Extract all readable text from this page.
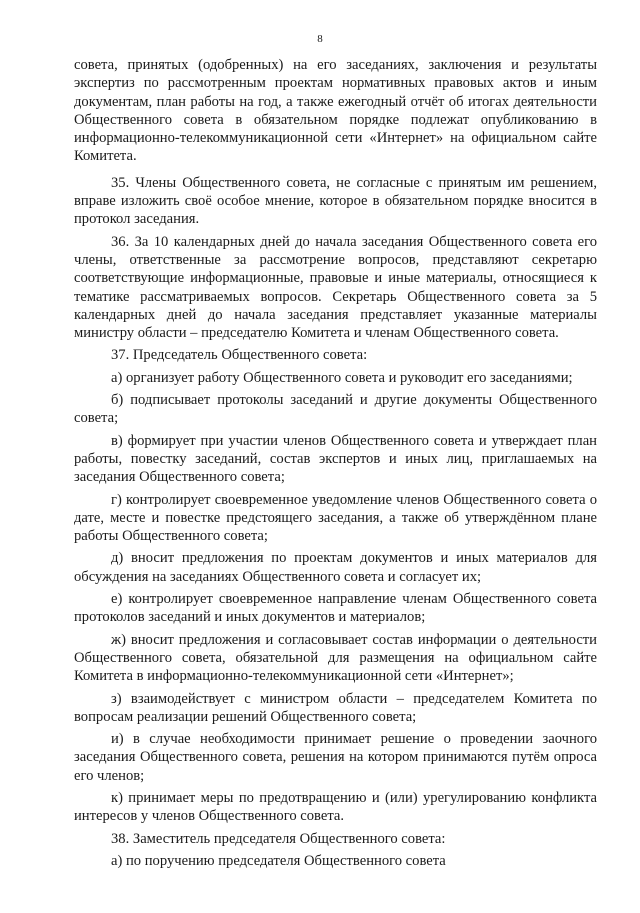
8

совета, принятых (одобренных) на его заседаниях, заключения и результаты экспертиз по рассмотренным проектам нормативных правовых актов и иным документам, план работы на год, а также ежегодный отчёт об итогах деятельности Общественного совета в обязательном порядке подлежат опубликованию в информационно-телекоммуникационной сети «Интернет» на официальном сайте Комитета.

35. Члены Общественного совета, не согласные с принятым им решением, вправе изложить своё особое мнение, которое в обязательном порядке вносится в протокол заседания.

36. За 10 календарных дней до начала заседания Общественного совета его члены, ответственные за рассмотрение вопросов, представляют секретарю соответствующие информационные, правовые и иные материалы, относящиеся к тематике рассматриваемых вопросов. Секретарь Общественного совета за 5 календарных дней до начала заседания представляет указанные материалы министру области – председателю Комитета и членам Общественного совета.

37. Председатель Общественного совета:

а) организует работу Общественного совета и руководит его заседаниями;

б) подписывает протоколы заседаний и другие документы Общественного совета;

в) формирует при участии членов Общественного совета и утверждает план работы, повестку заседаний, состав экспертов и иных лиц, приглашаемых на заседания Общественного совета;

г) контролирует своевременное уведомление членов Общественного совета о дате, месте и повестке предстоящего заседания, а также об утверждённом плане работы Общественного совета;

д) вносит предложения по проектам документов и иных материалов для обсуждения на заседаниях Общественного совета и согласует их;

е) контролирует своевременное направление членам Общественного совета протоколов заседаний и иных документов и материалов;

ж) вносит предложения и согласовывает состав информации о деятельности Общественного совета, обязательной для размещения на официальном сайте Комитета в информационно-телекоммуникационной сети «Интернет»;

з) взаимодействует с министром области – председателем Комитета по вопросам реализации решений Общественного совета;

и) в случае необходимости принимает решение о проведении заочного заседания Общественного совета, решения на котором принимаются путём опроса его членов;

к) принимает меры по предотвращению и (или) урегулированию конфликта интересов у членов Общественного совета.

38. Заместитель председателя Общественного совета:

а) по поручению председателя Общественного совета
